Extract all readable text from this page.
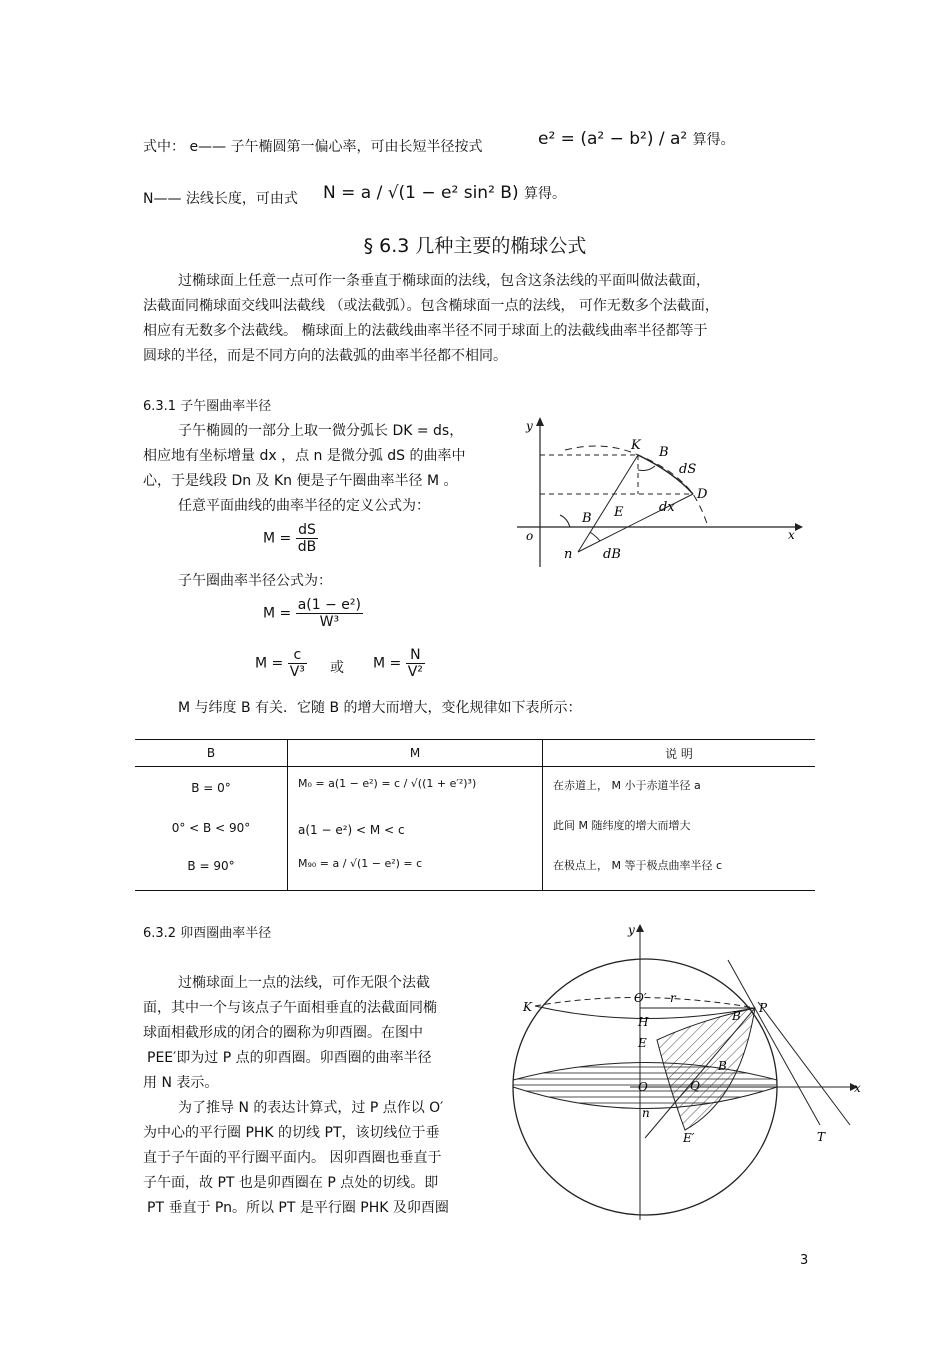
式中： e—— 子午椭圆第一偏心率，可由长短半径按式	e² = (a² − b²) / a² 算得。
N—— 法线长度，可由式 N = a / √(1 − e² sin² B) 算得。
§ 6.3 几种主要的椭球公式
过椭球面上任意一点可作一条垂直于椭球面的法线，包含这条法线的平面叫做法截面，
法截面同椭球面交线叫法截线 （或法截弧）。包含椭球面一点的法线， 可作无数多个法截面，
相应有无数多个法截线。 椭球面上的法截线曲率半径不同于球面上的法截线曲率半径都等于
圆球的半径，而是不同方向的法截弧的曲率半径都不相同。
6.3.1 子午圈曲率半径
子午椭圆的一部分上取一微分弧长 DK = ds，
相应地有坐标增量 dx ，点 n 是微分弧 dS 的曲率中
心，于是线段 Dn 及 Kn 便是子午圈曲率半径 M 。
任意平面曲线的曲率半径的定义公式为：
$M = \frac{dS}{dB}$
子午圈曲率半径公式为：
$M = \frac{\text{a(1 − e²)}}{\text{W³}}$
$M = \frac{c}{\text{V³}}$ 或 $M = \frac{N}{\text{V²}}$
M 与纬度 B 有关．它随 B 的增大而增大，变化规律如下表所示：
y
x
o
K B
dS
D
E	dx
B
n dB
B	M	说 明
B = 0°	M₀ = a(1 − e²) = c / √((1 + e′²)³)	在赤道上， M 小于赤道半径 a
0° < B < 90°	a(1 − e²) < M < c	此间 M 随纬度的增大而增大
B = 90°	M₉₀ = a / √(1 − e²) = c	在极点上， M 等于极点曲率半径 c
6.3.2 卯酉圈曲率半径
过椭球面上一点的法线，可作无限个法截
面，其中一个与该点子午面相垂直的法截面同椭
球面相截形成的闭合的圈称为卯酉圈。在图中
PEE′即为过 P 点的卯酉圈。卯酉圈的曲率半径
用 N 表示。
为了推导 N 的表达计算式，过 P 点作以 O′
为中心的平行圈 PHK 的切线 PT，该切线位于垂
直于子午面的平行圈平面内。 因卯酉圈也垂直于
子午面，故 PT 也是卯酉圈在 P 点处的切线。即
PT 垂直于 Pn。所以 PT 是平行圈 PHK 及卯酉圈
y
x
K	P
O′ r
H	B
E
O	Q
B
n
E′	T
3
